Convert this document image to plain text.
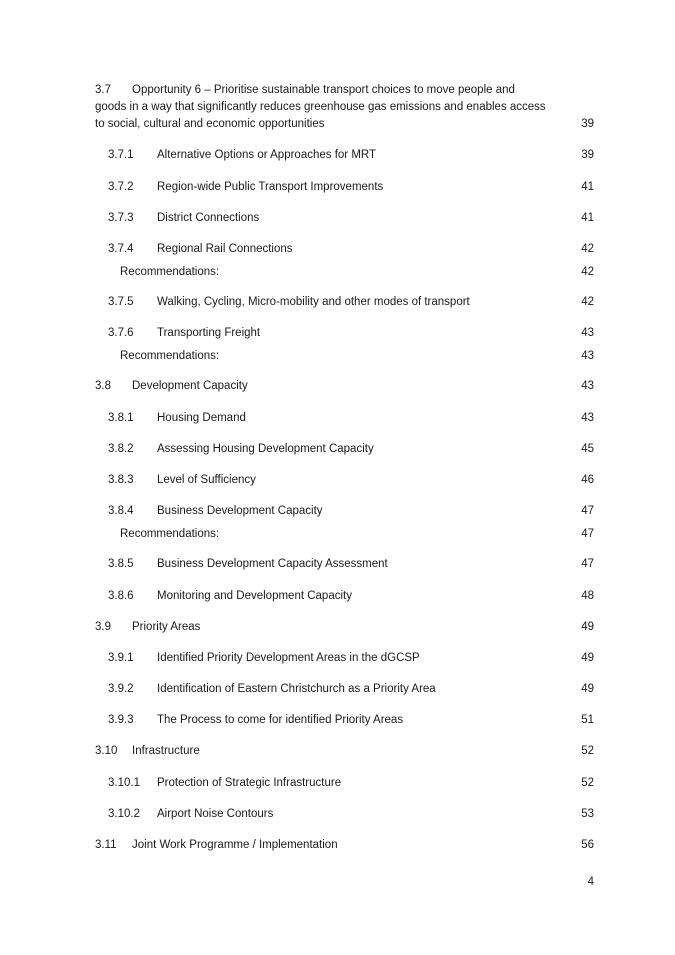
3.7 Opportunity 6 – Prioritise sustainable transport choices to move people and
goods in a way that significantly reduces greenhouse gas emissions and enables access
to social, cultural and economic opportunities	39
3.7.1 Alternative Options or Approaches for MRT	39
3.7.2 Region-wide Public Transport Improvements	41
3.7.3 District Connections	41
3.7.4 Regional Rail Connections	42
Recommendations:	42
3.7.5 Walking, Cycling, Micro-mobility and other modes of transport	42
3.7.6 Transporting Freight	43
Recommendations:	43
3.8 Development Capacity	43
3.8.1 Housing Demand	43
3.8.2 Assessing Housing Development Capacity	45
3.8.3 Level of Sufficiency	46
3.8.4 Business Development Capacity	47
Recommendations:	47
3.8.5 Business Development Capacity Assessment	47
3.8.6 Monitoring and Development Capacity	48
3.9 Priority Areas	49
3.9.1 Identified Priority Development Areas in the dGCSP	49
3.9.2 Identification of Eastern Christchurch as a Priority Area	49
3.9.3 The Process to come for identified Priority Areas	51
3.10 Infrastructure	52
3.10.1 Protection of Strategic Infrastructure	52
3.10.2 Airport Noise Contours	53
3.11 Joint Work Programme / Implementation	56
4
